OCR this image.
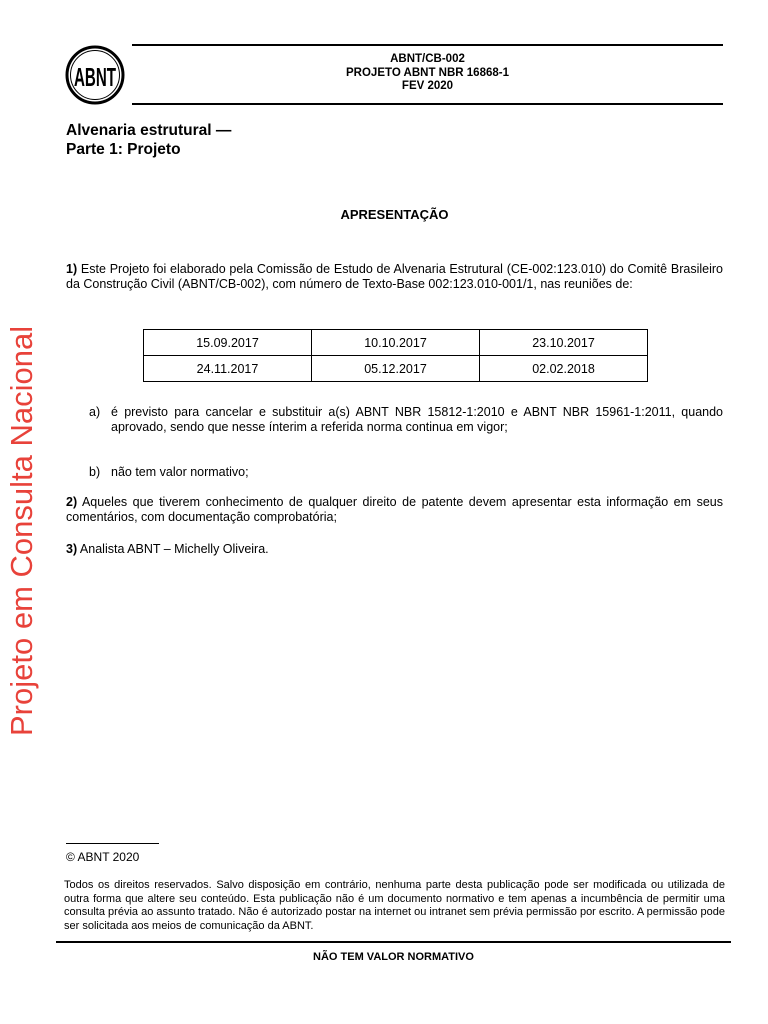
ABNT
ABNT/CB-002
PROJETO ABNT NBR 16868-1
FEV 2020
Alvenaria estrutural —
Parte 1: Projeto
APRESENTAÇÃO
1) Este Projeto foi elaborado pela Comissão de Estudo de Alvenaria Estrutural (CE-002:123.010) do Comitê Brasileiro da Construção Civil (ABNT/CB-002), com número de Texto-Base 002:123.010-001/1, nas reuniões de:
15.09.2017	10.10.2017	23.10.2017
24.11.2017	05.12.2017	02.02.2018
a) é previsto para cancelar e substituir a(s) ABNT NBR 15812-1:2010 e ABNT NBR 15961-1:2011, quando aprovado, sendo que nesse ínterim a referida norma continua em vigor;
b) não tem valor normativo;
2) Aqueles que tiverem conhecimento de qualquer direito de patente devem apresentar esta informação em seus comentários, com documentação comprobatória;
3) Analista ABNT – Michelly Oliveira.
Projeto em Consulta Nacional
© ABNT 2020
Todos os direitos reservados. Salvo disposição em contrário, nenhuma parte desta publicação pode ser modificada ou utilizada de outra forma que altere seu conteúdo. Esta publicação não é um documento normativo e tem apenas a incumbência de permitir uma consulta prévia ao assunto tratado. Não é autorizado postar na internet ou intranet sem prévia permissão por escrito. A permissão pode ser solicitada aos meios de comunicação da ABNT.
NÃO TEM VALOR NORMATIVO
